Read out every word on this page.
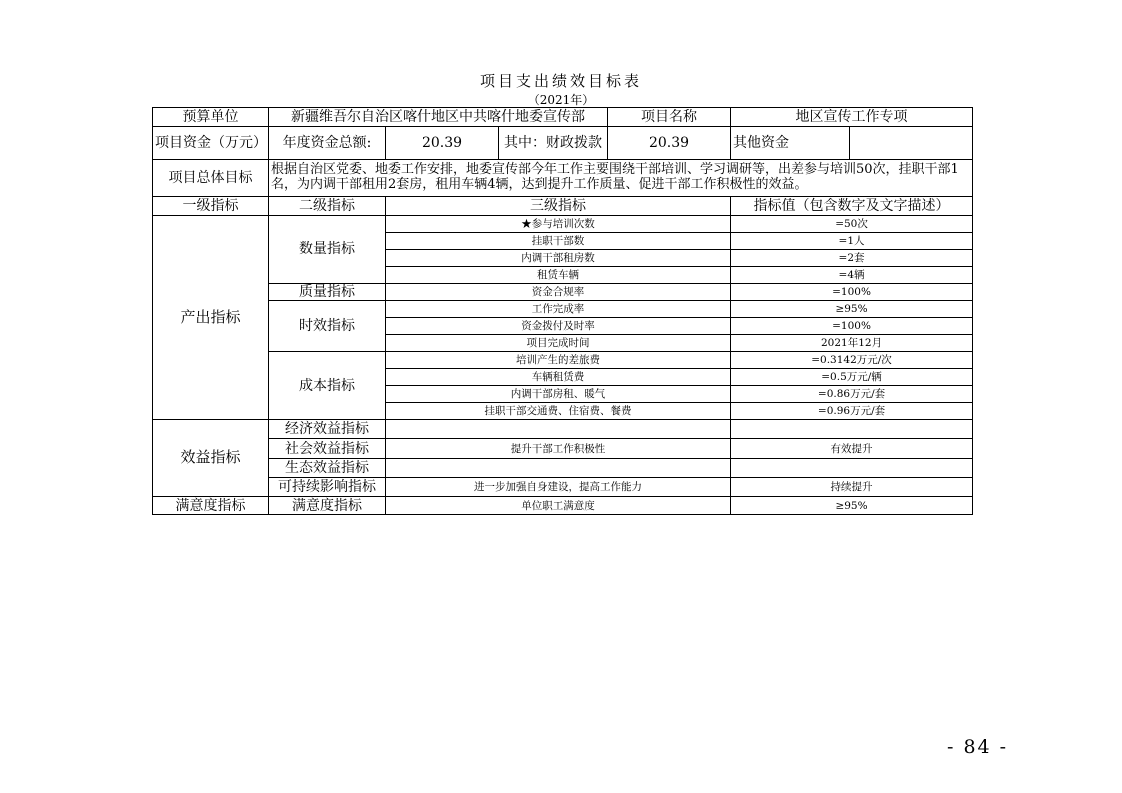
项目支出绩效目标表
（2021年）
预算单位	新疆维吾尔自治区喀什地区中共喀什地委宣传部			项目名称	地区宣传工作专项	
项目资金（万元）	年度资金总额:	20.39	其中：财政拨款	20.39	其他资金	
项目总体目标	根据自治区党委、地委工作安排，地委宣传部今年工作主要围绕干部培训、学习调研等，出差参与培训50次，挂职干部1名，为内调干部租用2套房，租用车辆4辆，达到提升工作质量、促进干部工作积极性的效益。					
一级指标	二级指标	三级指标			指标值（包含数字及文字描述）	
产出指标	数量指标	★参与培训次数			=50次	
		挂职干部数			=1人	
		内调干部租房数			=2套	
		租赁车辆			=4辆	
	质量指标	资金合规率			=100%	
	时效指标	工作完成率			≥95%	
		资金拨付及时率			=100%	
		项目完成时间			2021年12月	
	成本指标	培训产生的差旅费			=0.3142万元/次	
		车辆租赁费			=0.5万元/辆	
		内调干部房租、暖气			=0.86万元/套	
		挂职干部交通费、住宿费、餐费			=0.96万元/套	
效益指标	经济效益指标					
	社会效益指标	提升干部工作积极性			有效提升	
	生态效益指标					
	可持续影响指标	进一步加强自身建设，提高工作能力			持续提升	
满意度指标	满意度指标	单位职工满意度			≥95%	
- 84 -
